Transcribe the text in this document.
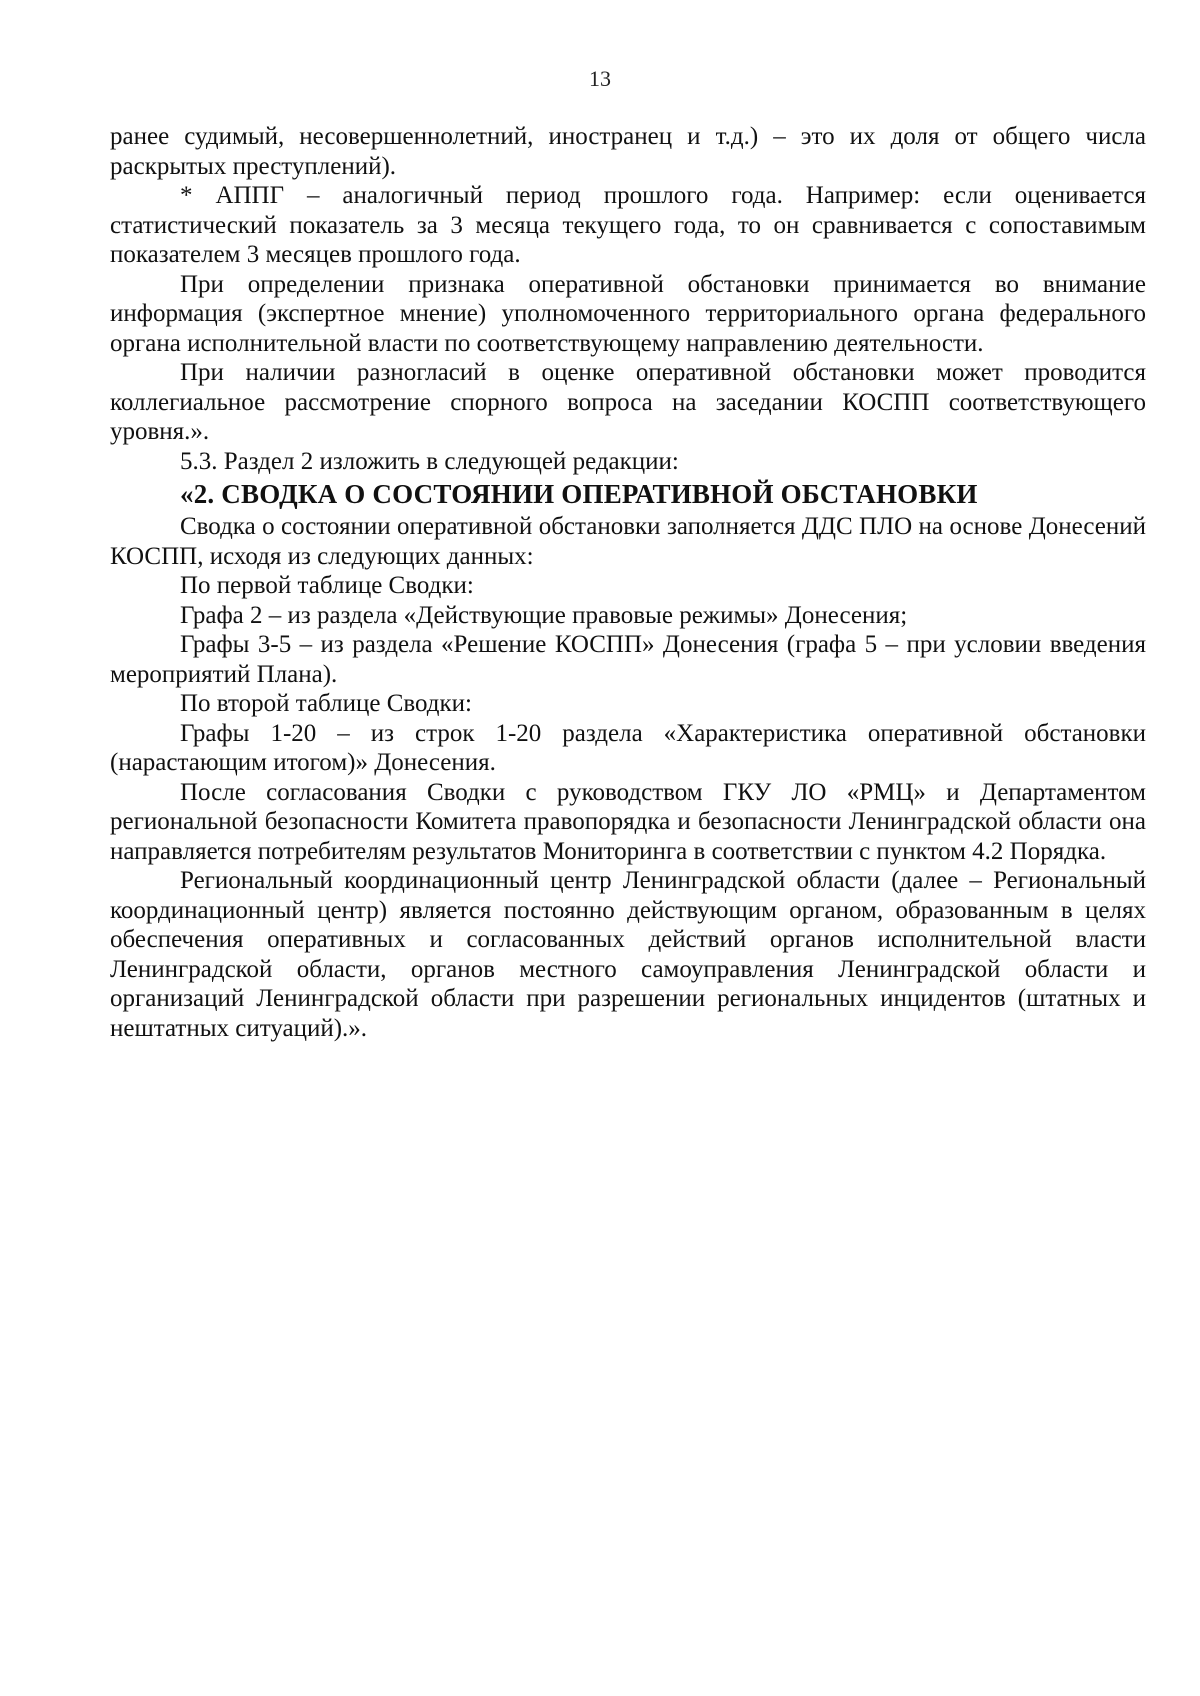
13

ранее судимый, несовершеннолетний, иностранец и т.д.) – это их доля от общего числа раскрытых преступлений).

* АППГ – аналогичный период прошлого года. Например: если оценивается статистический показатель за 3 месяца текущего года, то он сравнивается с сопоставимым показателем 3 месяцев прошлого года.

При определении признака оперативной обстановки принимается во внимание информация (экспертное мнение) уполномоченного территориального органа федерального органа исполнительной власти по соответствующему направлению деятельности.

При наличии разногласий в оценке оперативной обстановки может проводится коллегиальное рассмотрение спорного вопроса на заседании КОСПП соответствующего уровня.».

5.3. Раздел 2 изложить в следующей редакции:

«2. СВОДКА О СОСТОЯНИИ ОПЕРАТИВНОЙ ОБСТАНОВКИ

Сводка о состоянии оперативной обстановки заполняется ДДС ПЛО на основе Донесений КОСПП, исходя из следующих данных:

По первой таблице Сводки:

Графа 2 – из раздела «Действующие правовые режимы» Донесения;

Графы 3-5 – из раздела «Решение КОСПП» Донесения (графа 5 – при условии введения мероприятий Плана).

По второй таблице Сводки:

Графы 1-20 – из строк 1-20 раздела «Характеристика оперативной обстановки (нарастающим итогом)» Донесения.

После согласования Сводки с руководством ГКУ ЛО «РМЦ» и Департаментом региональной безопасности Комитета правопорядка и безопасности Ленинградской области она направляется потребителям результатов Мониторинга в соответствии с пунктом 4.2 Порядка.

Региональный координационный центр Ленинградской области (далее – Региональный координационный центр) является постоянно действующим органом, образованным в целях обеспечения оперативных и согласованных действий органов исполнительной власти Ленинградской области, органов местного самоуправления Ленинградской области и организаций Ленинградской области при разрешении региональных инцидентов (штатных и нештатных ситуаций).».
